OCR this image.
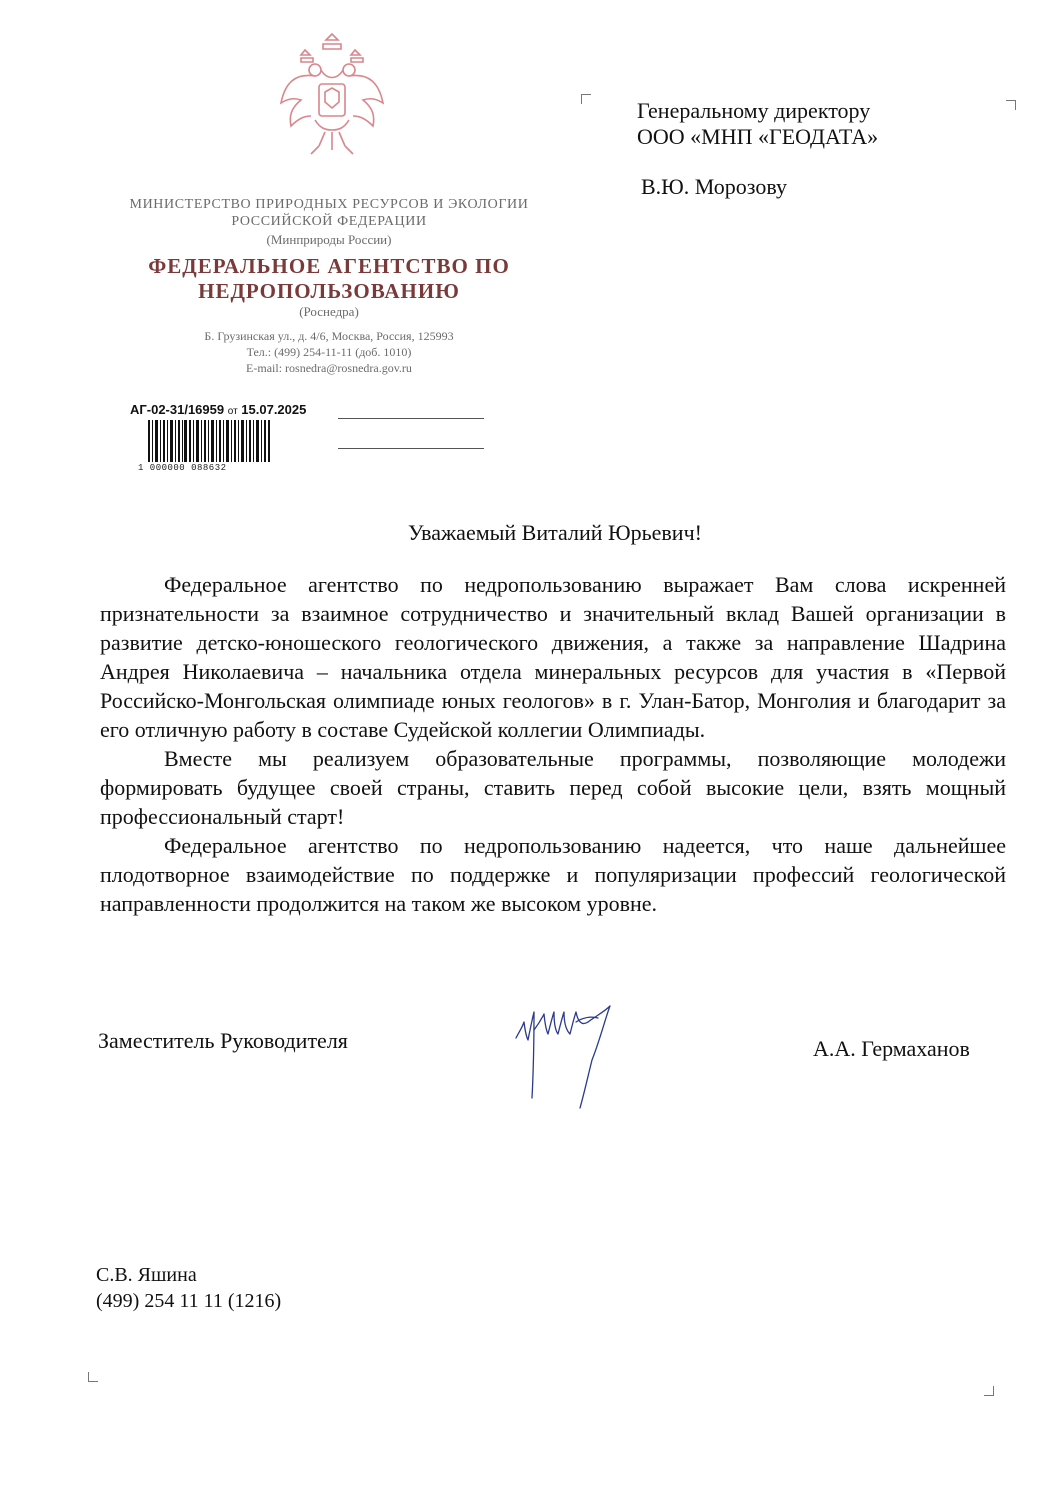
МИНИСТЕРСТВО ПРИРОДНЫХ РЕСУРСОВ И ЭКОЛОГИИ РОССИЙСКОЙ ФЕДЕРАЦИИ
(Минприроды России)
ФЕДЕРАЛЬНОЕ АГЕНТСТВО ПО НЕДРОПОЛЬЗОВАНИЮ
(Роснедра)
Б. Грузинская ул., д. 4/6, Москва, Россия, 125993
Тел.: (499) 254-11-11 (доб. 1010)
E-mail: rosnedra@rosnedra.gov.ru
АГ-02-31/16959 от 15.07.2025
1 000000 088632
Генеральному директору
ООО «МНП «ГЕОДАТА»
В.Ю. Морозову
Уважаемый Виталий Юрьевич!

Федеральное агентство по недропользованию выражает Вам слова искренней признательности за взаимное сотрудничество и значительный вклад Вашей организации в развитие детско-юношеского геологического движения, а также за направление Шадрина Андрея Николаевича – начальника отдела минеральных ресурсов для участия в «Первой Российско-Монгольская олимпиаде юных геологов» в г. Улан-Батор, Монголия и благодарит за его отличную работу в составе Судейской коллегии Олимпиады.

Вместе мы реализуем образовательные программы, позволяющие молодежи формировать будущее своей страны, ставить перед собой высокие цели, взять мощный профессиональный старт!

Федеральное агентство по недропользованию надеется, что наше дальнейшее плодотворное взаимодействие по поддержке и популяризации профессий геологической направленности продолжится на таком же высоком уровне.

Заместитель Руководителя	А.А. Гермаханов
С.В. Яшина
(499) 254 11 11 (1216)
